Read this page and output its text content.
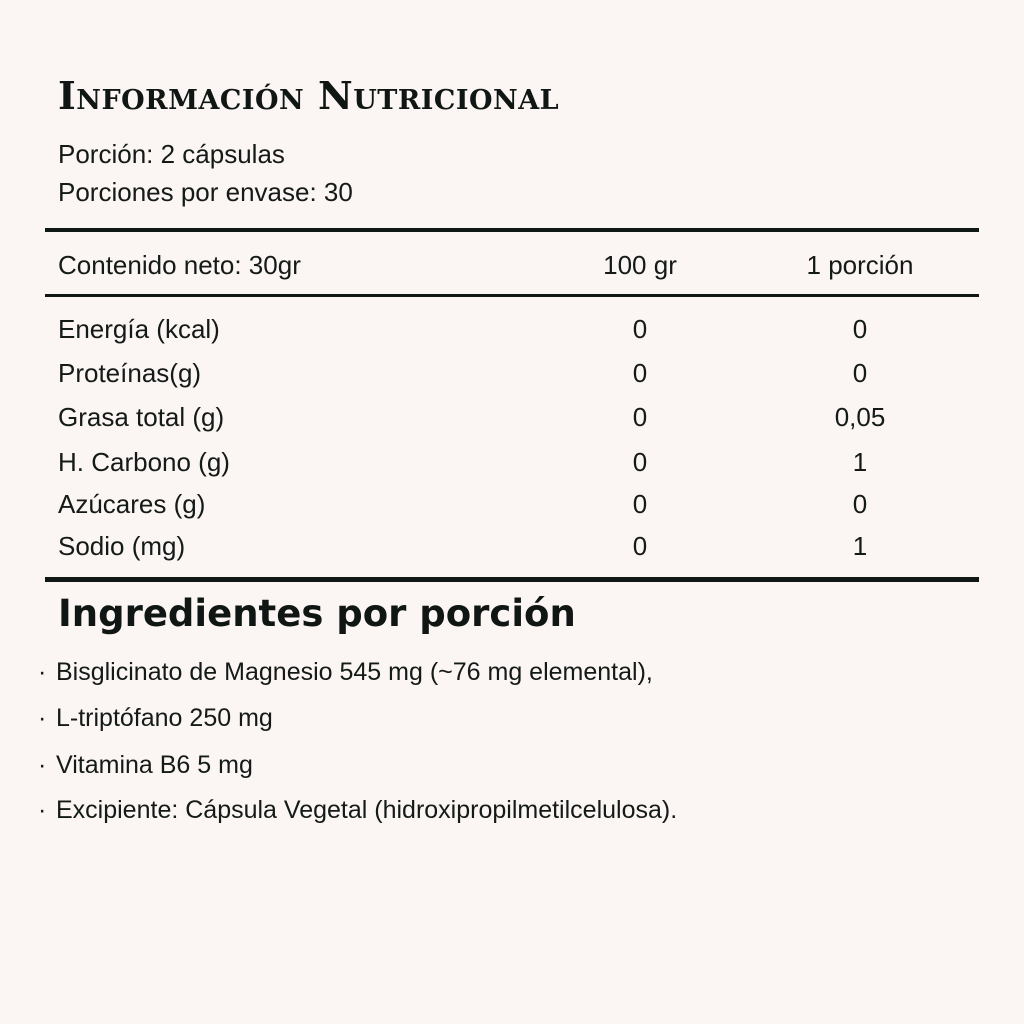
Información Nutricional
Porción: 2 cápsulas
Porciones por envase: 30
Contenido neto: 30gr	100 gr	1 porción
Energía (kcal)	0	0
Proteínas(g)	0	0
Grasa total (g)	0	0,05
H. Carbono (g)	0	1
Azúcares (g)	0	0
Sodio (mg)	0	1
Ingredientes por porción
· Bisglicinato de Magnesio 545 mg (~76 mg elemental),
· L-triptófano 250 mg
· Vitamina B6 5 mg
· Excipiente: Cápsula Vegetal (hidroxipropilmetilcelulosa).
